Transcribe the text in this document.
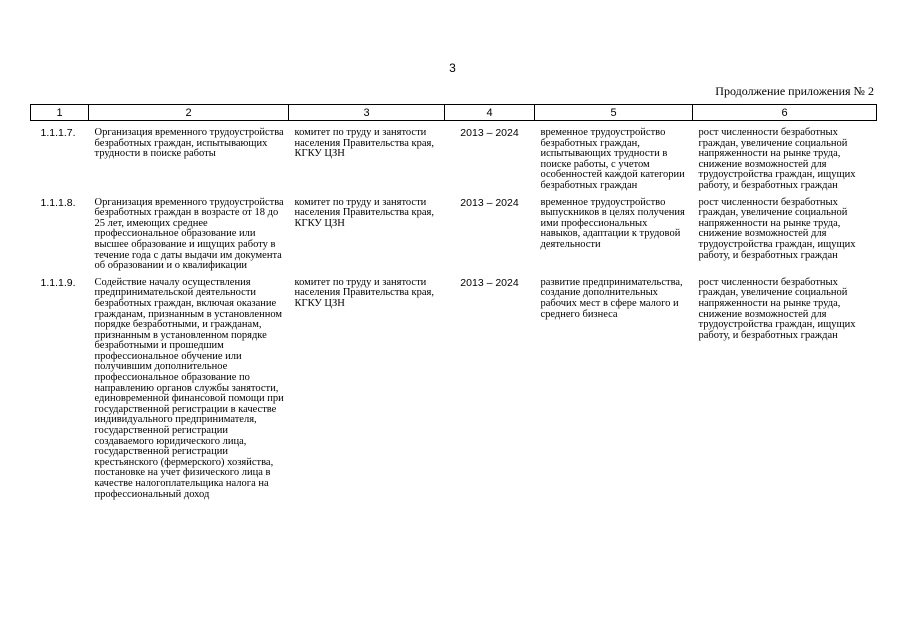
3
Продолжение приложения № 2
1	2	3	4	5	6
1.1.1.7.	Организация временного трудоустройства безработных граждан, испытывающих трудности в поиске работы	комитет по труду и занятости населения Правительства края, КГКУ ЦЗН	2013 – 2024	временное трудоустройство безработных граждан, испытывающих трудности в поиске работы, с учетом особенностей каждой категории безработных граждан	рост численности безработных граждан, увеличение социальной напряженности на рынке труда, снижение возможностей для трудоустройства граждан, ищущих работу, и безработных граждан
1.1.1.8.	Организация временного трудоустройства безработных граждан в возрасте от 18 до 25 лет, имеющих среднее профессиональное образование или высшее образование и ищущих работу в течение года с даты выдачи им документа об образовании и о квалификации	комитет по труду и занятости населения Правительства края, КГКУ ЦЗН	2013 – 2024	временное трудоустройство выпускников в целях получения ими профессиональных навыков, адаптации к трудовой деятельности	рост численности безработных граждан, увеличение социальной напряженности на рынке труда, снижение возможностей для трудоустройства граждан, ищущих работу, и безработных граждан
1.1.1.9.	Содействие началу осуществления предпринимательской деятельности безработных граждан, включая оказание гражданам, признанным в установленном порядке безработными, и гражданам, признанным в установленном порядке безработными и прошедшим профессиональное обучение или получившим дополнительное профессиональное образование по направлению органов службы занятости, единовременной финансовой помощи при государственной регистрации в качестве индивидуального предпринимателя, государственной регистрации создаваемого юридического лица, государственной регистрации крестьянского (фермерского) хозяйства, постановке на учет физического лица в качестве налогоплательщика налога на профессиональный доход	комитет по труду и занятости населения Правительства края, КГКУ ЦЗН	2013 – 2024	развитие предпринимательства, создание дополнительных рабочих мест в сфере малого и среднего бизнеса	рост численности безработных граждан, увеличение социальной напряженности на рынке труда, снижение возможностей для трудоустройства граждан, ищущих работу, и безработных граждан
